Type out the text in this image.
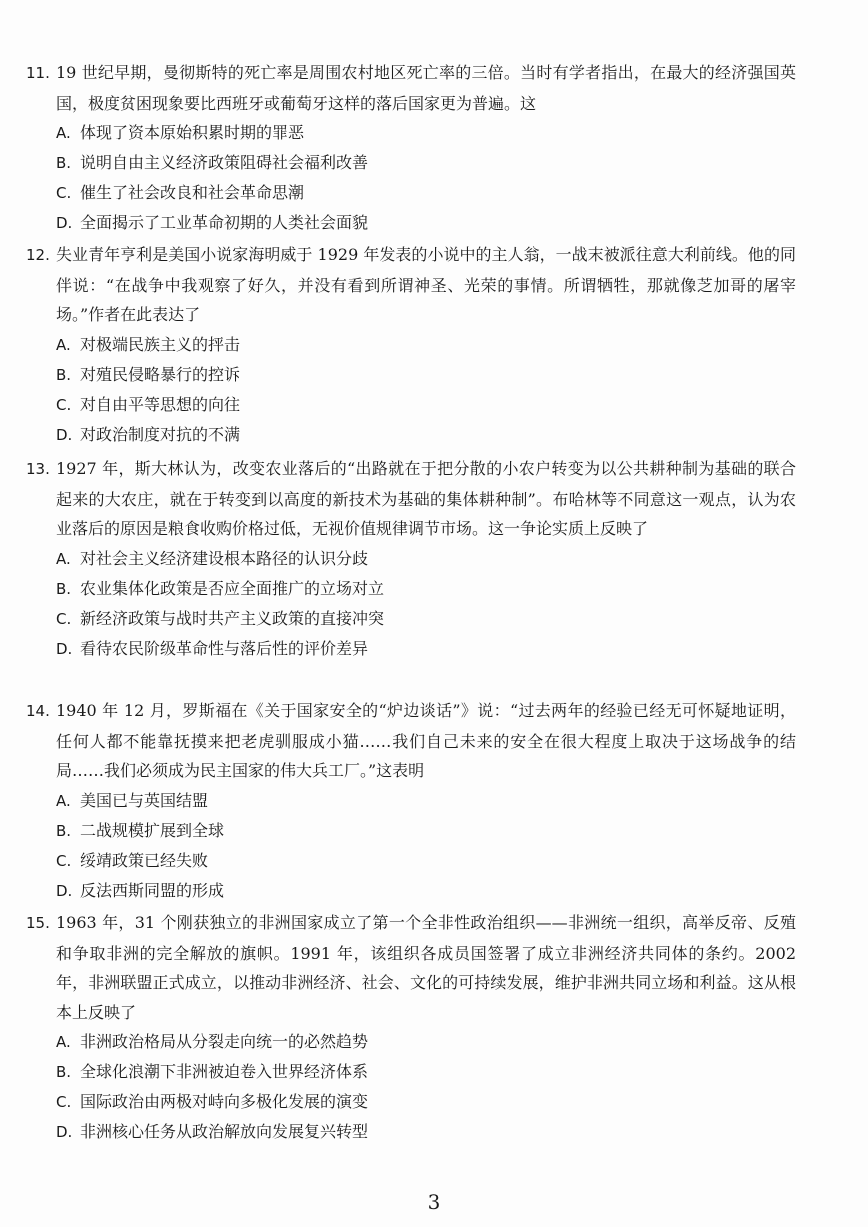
11. 19 世纪早期，曼彻斯特的死亡率是周围农村地区死亡率的三倍。当时有学者指出，在最大的经济强国英国，极度贫困现象要比西班牙或葡萄牙这样的落后国家更为普遍。这

A. 体现了资本原始积累时期的罪恶
B. 说明自由主义经济政策阻碍社会福利改善
C. 催生了社会改良和社会革命思潮
D. 全面揭示了工业革命初期的人类社会面貌

12. 失业青年亨利是美国小说家海明威于 1929 年发表的小说中的主人翁，一战末被派往意大利前线。他的同伴说：“在战争中我观察了好久，并没有看到所谓神圣、光荣的事情。所谓牺牲，那就像芝加哥的屠宰场。”作者在此表达了

A. 对极端民族主义的抨击
B. 对殖民侵略暴行的控诉
C. 对自由平等思想的向往
D. 对政治制度对抗的不满

13. 1927 年，斯大林认为，改变农业落后的“出路就在于把分散的小农户转变为以公共耕种制为基础的联合起来的大农庄，就在于转变到以高度的新技术为基础的集体耕种制”。布哈林等不同意这一观点，认为农业落后的原因是粮食收购价格过低，无视价值规律调节市场。这一争论实质上反映了

A. 对社会主义经济建设根本路径的认识分歧
B. 农业集体化政策是否应全面推广的立场对立
C. 新经济政策与战时共产主义政策的直接冲突
D. 看待农民阶级革命性与落后性的评价差异

14. 1940 年 12 月，罗斯福在《关于国家安全的“炉边谈话”》说：“过去两年的经验已经无可怀疑地证明，任何人都不能靠抚摸来把老虎驯服成小猫……我们自己未来的安全在很大程度上取决于这场战争的结局……我们必须成为民主国家的伟大兵工厂。”这表明

A. 美国已与英国结盟
B. 二战规模扩展到全球
C. 绥靖政策已经失败
D. 反法西斯同盟的形成

15. 1963 年，31 个刚获独立的非洲国家成立了第一个全非性政治组织——非洲统一组织，高举反帝、反殖和争取非洲的完全解放的旗帜。1991 年，该组织各成员国签署了成立非洲经济共同体的条约。2002 年，非洲联盟正式成立，以推动非洲经济、社会、文化的可持续发展，维护非洲共同立场和利益。这从根本上反映了

A. 非洲政治格局从分裂走向统一的必然趋势
B. 全球化浪潮下非洲被迫卷入世界经济体系
C. 国际政治由两极对峙向多极化发展的演变
D. 非洲核心任务从政治解放向发展复兴转型
3
